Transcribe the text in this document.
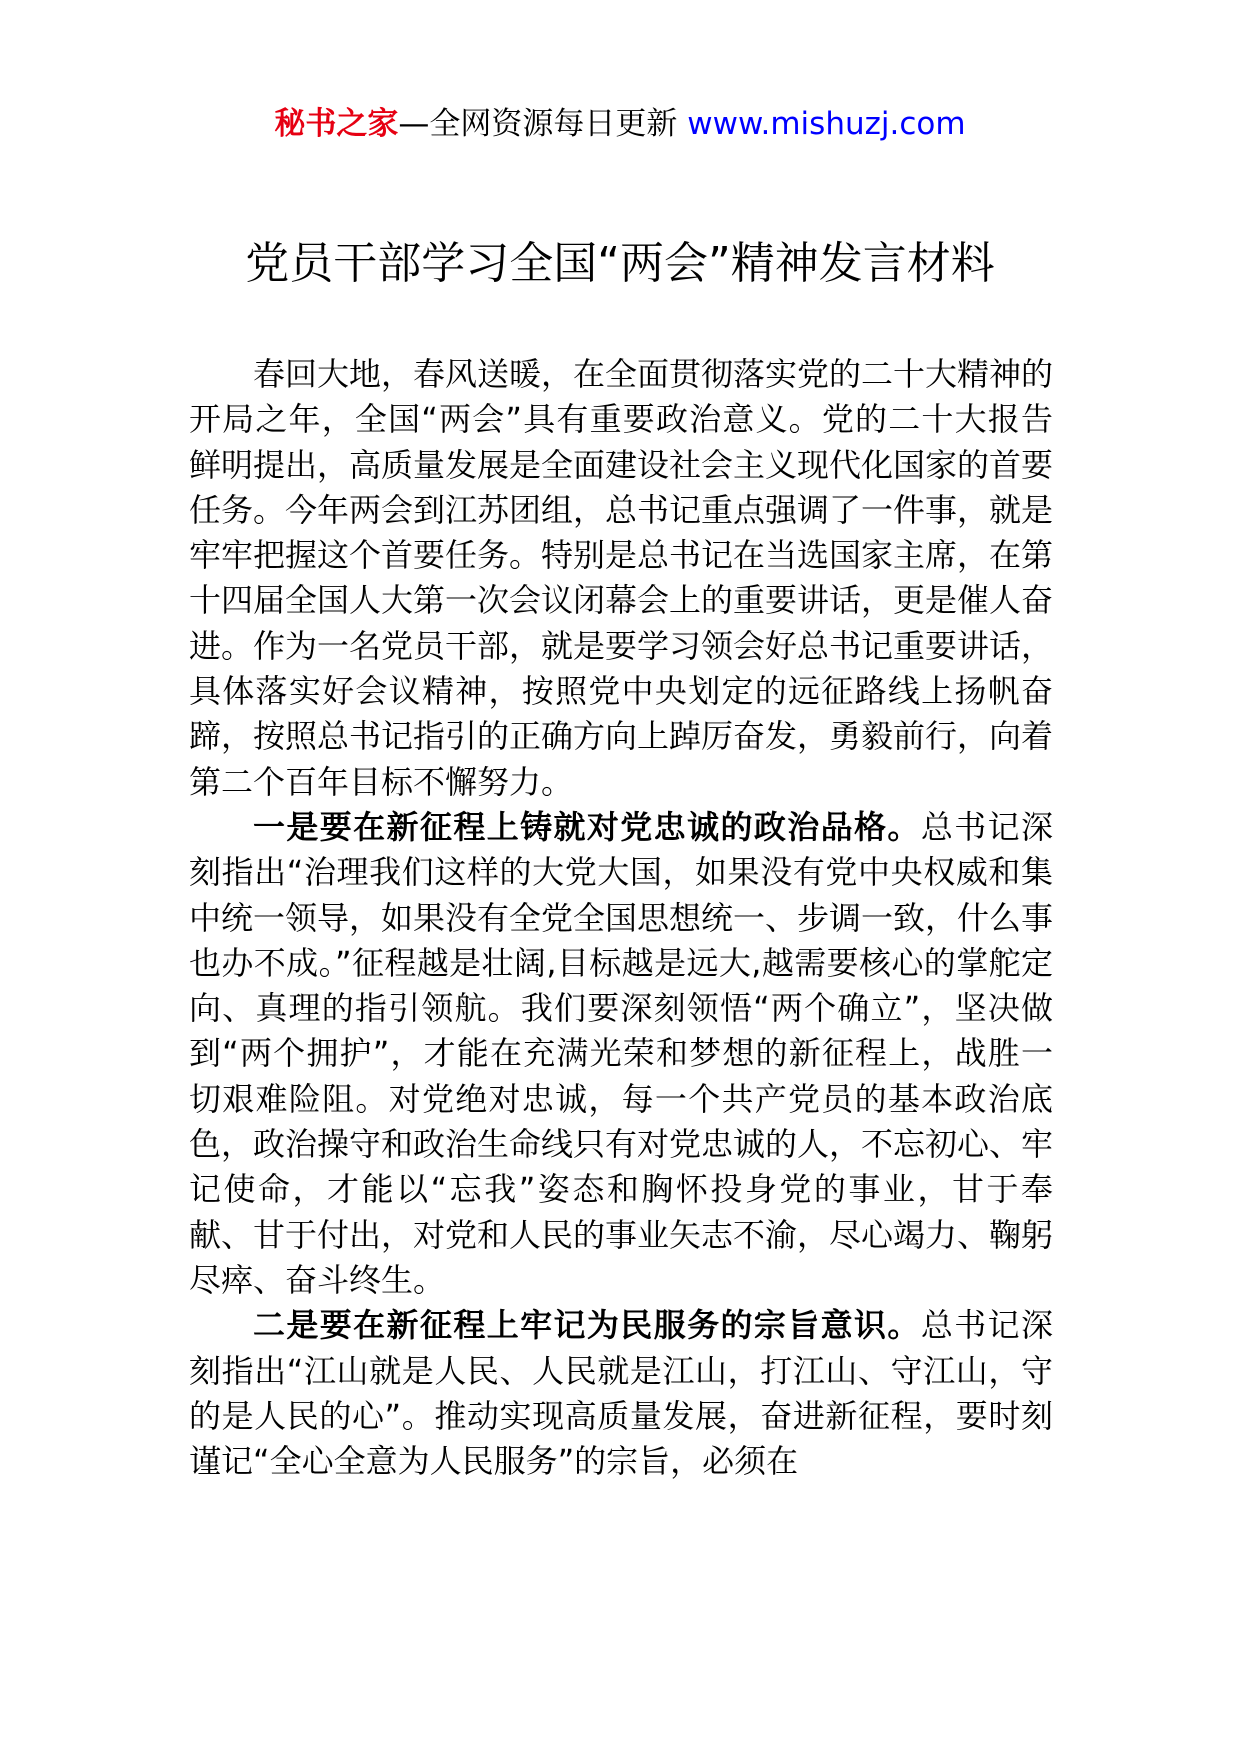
秘书之家—全网资源每日更新 www.mishuzj.com
党员干部学习全国“两会”精神发言材料

春回大地，春风送暖，在全面贯彻落实党的二十大精神的开局之年，全国“两会”具有重要政治意义。党的二十大报告鲜明提出，高质量发展是全面建设社会主义现代化国家的首要任务。今年两会到江苏团组，总书记重点强调了一件事，就是牢牢把握这个首要任务。特别是总书记在当选国家主席，在第十四届全国人大第一次会议闭幕会上的重要讲话，更是催人奋进。作为一名党员干部，就是要学习领会好总书记重要讲话，具体落实好会议精神，按照党中央划定的远征路线上扬帆奋蹄，按照总书记指引的正确方向上踔厉奋发，勇毅前行，向着第二个百年目标不懈努力。

一是要在新征程上铸就对党忠诚的政治品格。总书记深刻指出“治理我们这样的大党大国，如果没有党中央权威和集中统一领导，如果没有全党全国思想统一、步调一致，什么事也办不成。”征程越是壮阔,目标越是远大,越需要核心的掌舵定向、真理的指引领航。我们要深刻领悟“两个确立”，坚决做到“两个拥护”，才能在充满光荣和梦想的新征程上，战胜一切艰难险阻。对党绝对忠诚，每一个共产党员的基本政治底色，政治操守和政治生命线只有对党忠诚的人，不忘初心、牢记使命，才能以“忘我”姿态和胸怀投身党的事业，甘于奉献、甘于付出，对党和人民的事业矢志不渝，尽心竭力、鞠躬尽瘁、奋斗终生。

二是要在新征程上牢记为民服务的宗旨意识。总书记深刻指出“江山就是人民、人民就是江山，打江山、守江山，守的是人民的心”。推动实现高质量发展，奋进新征程，要时刻谨记“全心全意为人民服务”的宗旨，必须在
